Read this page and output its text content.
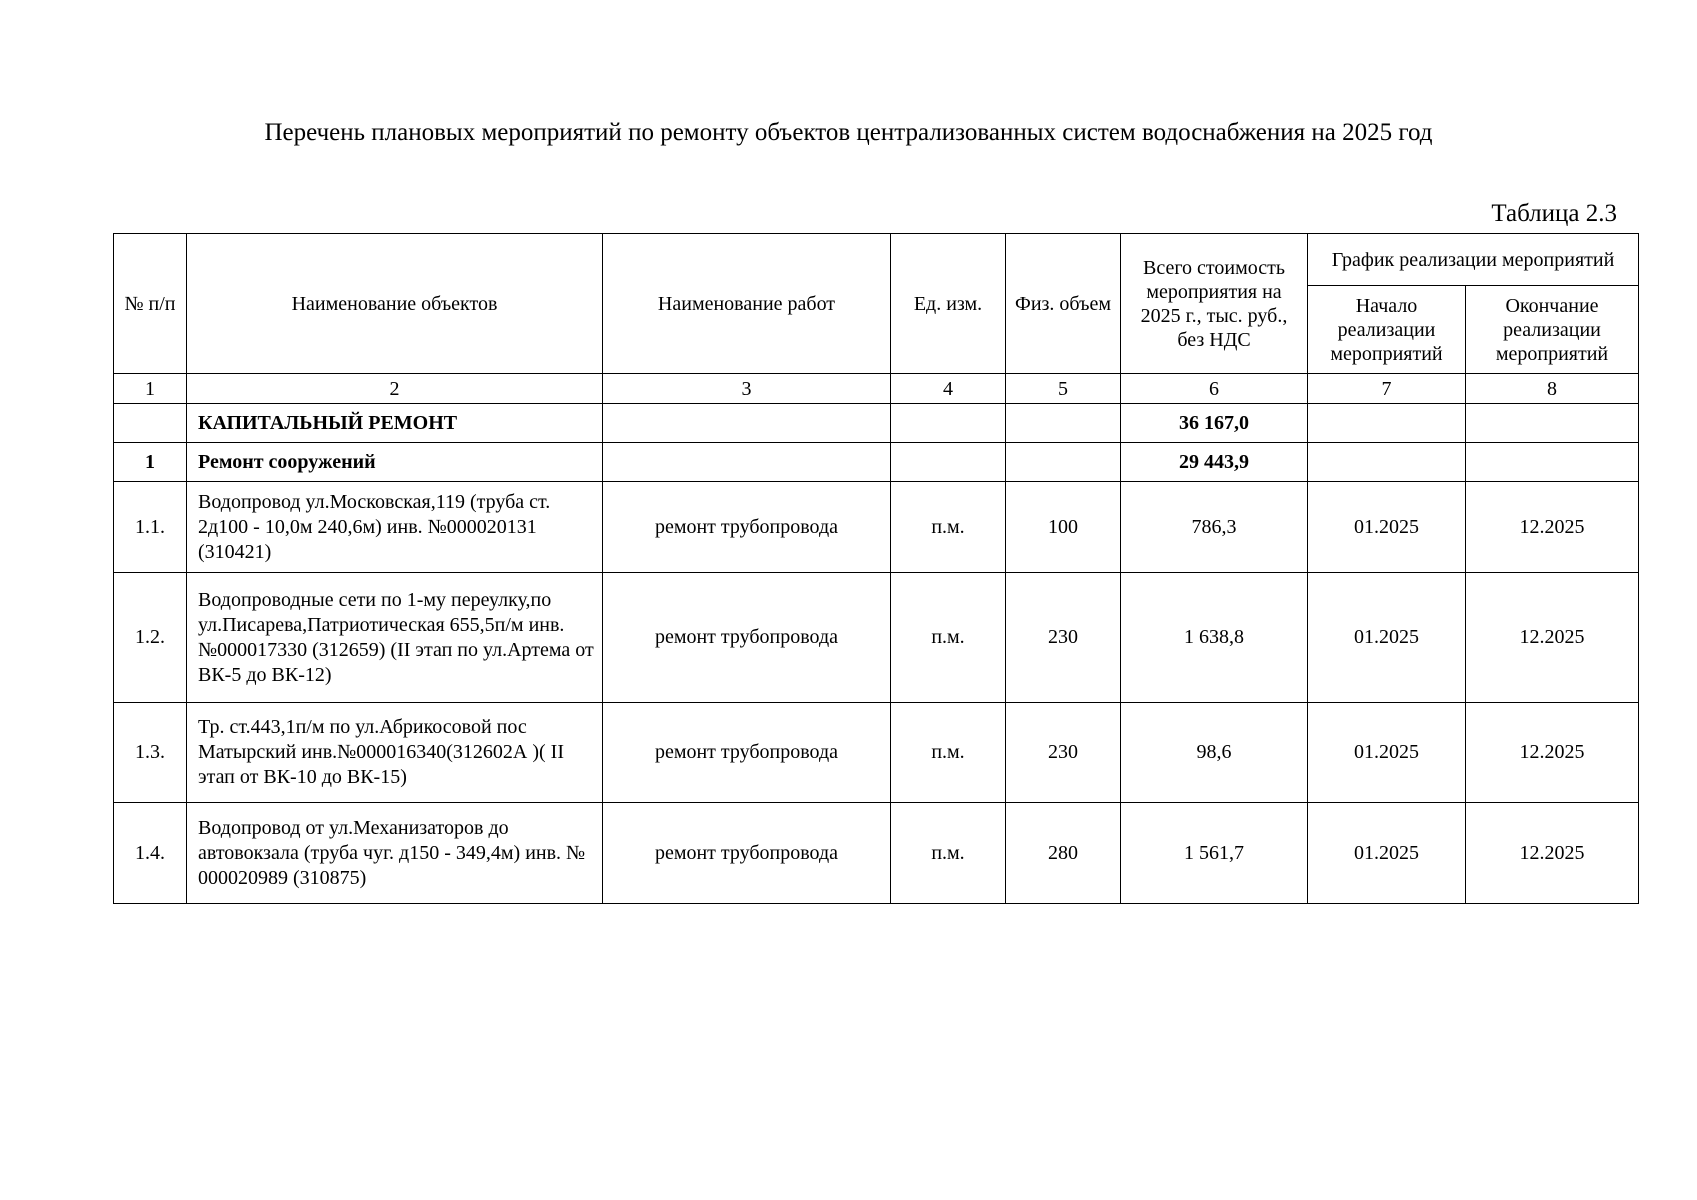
Перечень плановых мероприятий по ремонту объектов централизованных систем водоснабжения на 2025 год
Таблица 2.3
№ п/п	Наименование объектов	Наименование работ	Ед. изм.	Физ. объем	Всего стоимость мероприятия на 2025 г., тыс. руб., без НДС	График реализации мероприятий	
						Начало реализации мероприятий	Окончание реализации мероприятий
1	2	3	4	5	6	7	8
	КАПИТАЛЬНЫЙ РЕМОНТ				36 167,0		
1	Ремонт сооружений				29 443,9		
1.1.	Водопровод ул.Московская,119 (труба ст. 2д100 - 10,0м 240,6м) инв. №000020131 (310421)	ремонт трубопровода	п.м.	100	786,3	01.2025	12.2025
1.2.	Водопроводные сети по 1-му переулку,по ул.Писарева,Патриотическая 655,5п/м инв.№000017330 (312659) (II этап по ул.Артема от ВК-5 до ВК-12)	ремонт трубопровода	п.м.	230	1 638,8	01.2025	12.2025
1.3.	Тр. ст.443,1п/м по ул.Абрикосовой пос Матырский инв.№000016340(312602А )( II этап от ВК-10 до ВК-15)	ремонт трубопровода	п.м.	230	98,6	01.2025	12.2025
1.4.	Водопровод от ул.Механизаторов до автовокзала (труба чуг. д150 - 349,4м) инв. № 000020989 (310875)	ремонт трубопровода	п.м.	280	1 561,7	01.2025	12.2025
